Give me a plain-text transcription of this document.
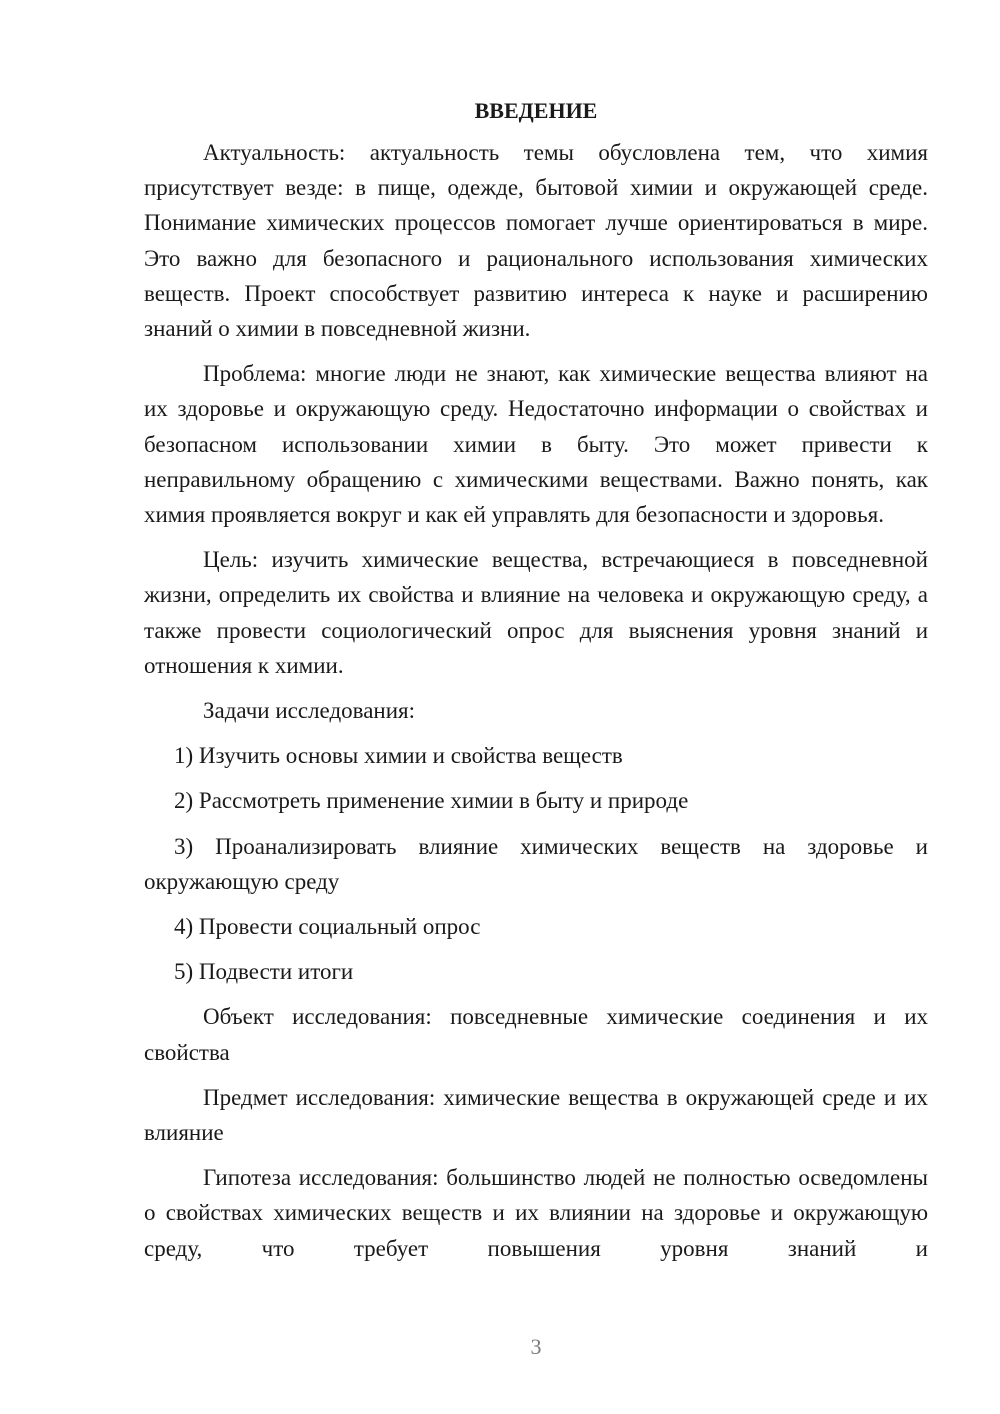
ВВЕДЕНИЕ

Актуальность: актуальность темы обусловлена тем, что химия присутствует везде: в пище, одежде, бытовой химии и окружающей среде. Понимание химических процессов помогает лучше ориентироваться в мире. Это важно для безопасного и рационального использования химических веществ. Проект способствует развитию интереса к науке и расширению знаний о химии в повседневной жизни.

Проблема: многие люди не знают, как химические вещества влияют на их здоровье и окружающую среду. Недостаточно информации о свойствах и безопасном использовании химии в быту. Это может привести к неправильному обращению с химическими веществами. Важно понять, как химия проявляется вокруг и как ей управлять для безопасности и здоровья.

Цель: изучить химические вещества, встречающиеся в повседневной жизни, определить их свойства и влияние на человека и окружающую среду, а также провести социологический опрос для выяснения уровня знаний и отношения к химии.

Задачи исследования:

1) Изучить основы химии и свойства веществ

2) Рассмотреть применение химии в быту и природе

3) Проанализировать влияние химических веществ на здоровье и окружающую среду

4) Провести социальный опрос

5) Подвести итоги

Объект исследования: повседневные химические соединения и их свойства

Предмет исследования: химические вещества в окружающей среде и их влияние

Гипотеза исследования: большинство людей не полностью осведомлены о свойствах химических веществ и их влиянии на здоровье и окружающую среду, что требует повышения уровня знаний и

3
